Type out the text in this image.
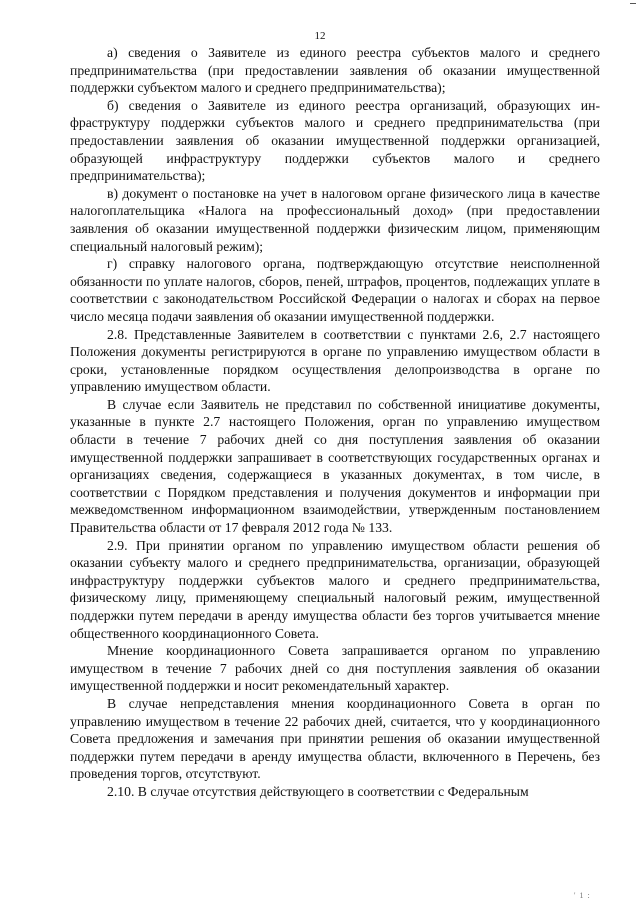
12

а) сведения о Заявителе из единого реестра субъектов малого и среднего предпринимательства (при предоставлении заявления об оказании имущественной поддержки субъектом малого и среднего предпринимательства);

б) сведения о Заявителе из единого реестра организаций, образующих инфраструктуру поддержки субъектов малого и среднего предпринимательства (при предоставлении заявления об оказании имущественной поддержки организацией, образующей инфраструктуру поддержки субъектов малого и среднего предпринимательства);

в) документ о постановке на учет в налоговом органе физического лица в качестве налогоплательщика «Налога на профессиональный доход» (при предоставлении заявления об оказании имущественной поддержки физическим лицом, применяющим специальный налоговый режим);

г) справку налогового органа, подтверждающую отсутствие неисполненной обязанности по уплате налогов, сборов, пеней, штрафов, процентов, подлежащих уплате в соответствии с законодательством Российской Федерации о налогах и сборах на первое число месяца подачи заявления об оказании имущественной поддержки.

2.8. Представленные Заявителем в соответствии с пунктами 2.6, 2.7 настоящего Положения документы регистрируются в органе по управлению имуществом области в сроки, установленные порядком осуществления делопроизводства в органе по управлению имуществом области.

В случае если Заявитель не представил по собственной инициативе документы, указанные в пункте 2.7 настоящего Положения, орган по управлению имуществом области в течение 7 рабочих дней со дня поступления заявления об оказании имущественной поддержки запрашивает в соответствующих государственных органах и организациях сведения, содержащиеся в указанных документах, в том числе, в соответствии с Порядком представления и получения документов и информации при межведомственном информационном взаимодействии, утвержденным постановлением Правительства области от 17 февраля 2012 года № 133.

2.9. При принятии органом по управлению имуществом области решения об оказании субъекту малого и среднего предпринимательства, организации, образующей инфраструктуру поддержки субъектов малого и среднего предпринимательства, физическому лицу, применяющему специальный налоговый режим, имущественной поддержки путем передачи в аренду имущества области без торгов учитывается мнение общественного координационного Совета.

Мнение координационного Совета запрашивается органом по управлению имуществом в течение 7 рабочих дней со дня поступления заявления об оказании имущественной поддержки и носит рекомендательный характер.

В случае непредставления мнения координационного Совета в орган по управлению имуществом в течение 22 рабочих дней, считается, что у координационного Совета предложения и замечания при принятии решения об оказании имущественной поддержки путем передачи в аренду имущества области, включенного в Перечень, без проведения торгов, отсутствуют.

2.10. В случае отсутствия действующего в соответствии с Федеральным

' 1 :
